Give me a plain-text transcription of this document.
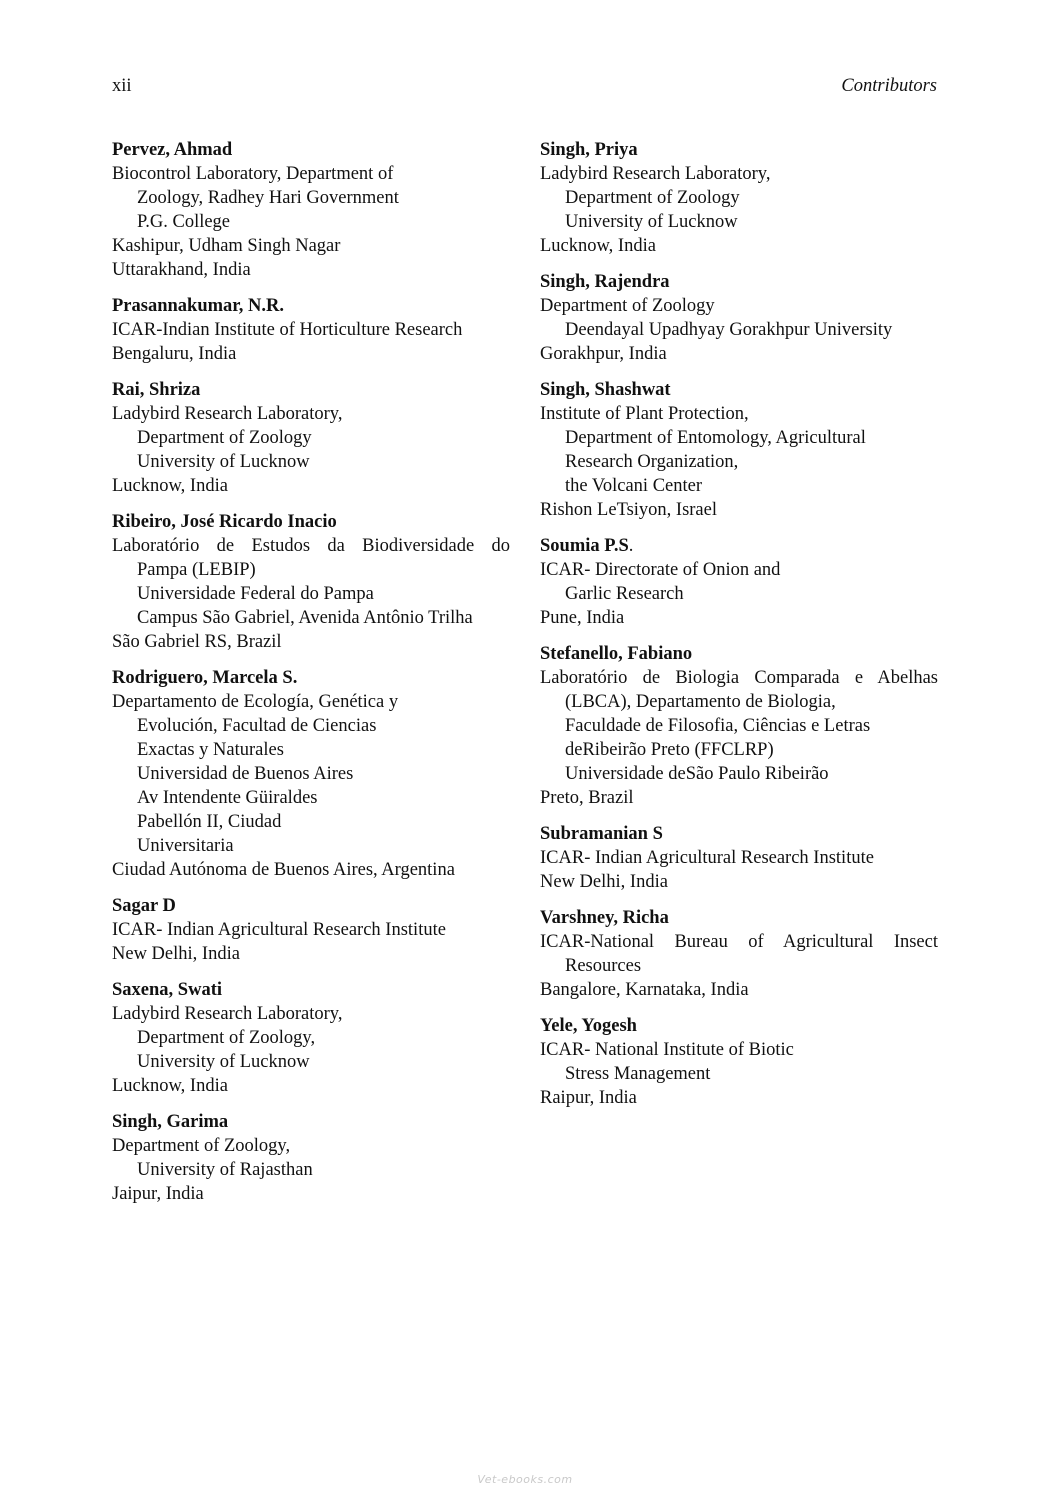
xii	Contributors
Pervez, Ahmad
Biocontrol Laboratory, Department of
Zoology, Radhey Hari Government
P.G. College
Kashipur, Udham Singh Nagar
Uttarakhand, India
Prasannakumar, N.R.
ICAR-Indian Institute of Horticulture Research
Bengaluru, India
Rai, Shriza
Ladybird Research Laboratory,
Department of Zoology
University of Lucknow
Lucknow, India
Ribeiro, José Ricardo Inacio
Laboratório de Estudos da Biodiversidade do
Pampa (LEBIP)
Universidade Federal do Pampa
Campus São Gabriel, Avenida Antônio Trilha
São Gabriel RS, Brazil
Rodriguero, Marcela S.
Departamento de Ecología, Genética y
Evolución, Facultad de Ciencias
Exactas y Naturales
Universidad de Buenos Aires
Av Intendente Güiraldes
Pabellón II, Ciudad
Universitaria
Ciudad Autónoma de Buenos Aires, Argentina
Sagar D
ICAR- Indian Agricultural Research Institute
New Delhi, India
Saxena, Swati
Ladybird Research Laboratory,
Department of Zoology,
University of Lucknow
Lucknow, India
Singh, Garima
Department of Zoology,
University of Rajasthan
Jaipur, India
Singh, Priya
Ladybird Research Laboratory,
Department of Zoology
University of Lucknow
Lucknow, India
Singh, Rajendra
Department of Zoology
Deendayal Upadhyay Gorakhpur University
Gorakhpur, India
Singh, Shashwat
Institute of Plant Protection,
Department of Entomology, Agricultural
Research Organization,
the Volcani Center
Rishon LeTsiyon, Israel
Soumia P.S.
ICAR- Directorate of Onion and
Garlic Research
Pune, India
Stefanello, Fabiano
Laboratório de Biologia Comparada e Abelhas
(LBCA), Departamento de Biologia,
Faculdade de Filosofia, Ciências e Letras
deRibeirão Preto (FFCLRP)
Universidade deSão Paulo Ribeirão
Preto, Brazil
Subramanian S
ICAR- Indian Agricultural Research Institute
New Delhi, India
Varshney, Richa
ICAR-National Bureau of Agricultural Insect
Resources
Bangalore, Karnataka, India
Yele, Yogesh
ICAR- National Institute of Biotic
Stress Management
Raipur, India
Vet-ebooks.com
